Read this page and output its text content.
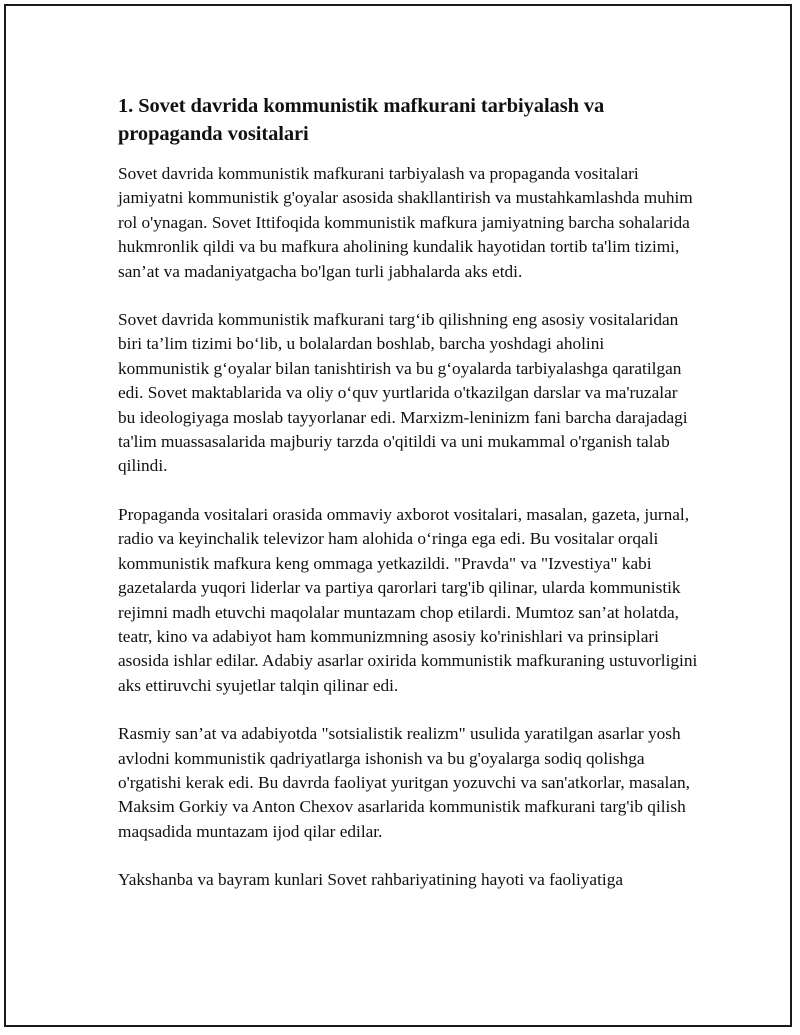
1. Sovet davrida kommunistik mafkurani tarbiyalash va propaganda vositalari

Sovet davrida kommunistik mafkurani tarbiyalash va propaganda vositalari jamiyatni kommunistik g'oyalar asosida shakllantirish va mustahkamlashda muhim rol o'ynagan. Sovet Ittifoqida kommunistik mafkura jamiyatning barcha sohalarida hukmronlik qildi va bu mafkura aholining kundalik hayotidan tortib ta'lim tizimi, san’at va madaniyatgacha bo'lgan turli jabhalarda aks etdi.

Sovet davrida kommunistik mafkurani targ‘ib qilishning eng asosiy vositalaridan biri ta’lim tizimi bo‘lib, u bolalardan boshlab, barcha yoshdagi aholini kommunistik g‘oyalar bilan tanishtirish va bu g‘oyalarda tarbiyalashga qaratilgan edi. Sovet maktablarida va oliy o‘quv yurtlarida o'tkazilgan darslar va ma'ruzalar bu ideologiyaga moslab tayyorlanar edi. Marxizm-leninizm fani barcha darajadagi ta'lim muassasalarida majburiy tarzda o'qitildi va uni mukammal o'rganish talab qilindi.

Propaganda vositalari orasida ommaviy axborot vositalari, masalan, gazeta, jurnal, radio va keyinchalik televizor ham alohida o‘ringa ega edi. Bu vositalar orqali kommunistik mafkura keng ommaga yetkazildi. "Pravda" va "Izvestiya" kabi gazetalarda yuqori liderlar va partiya qarorlari targ'ib qilinar, ularda kommunistik rejimni madh etuvchi maqolalar muntazam chop etilardi. Mumtoz san’at holatda, teatr, kino va adabiyot ham kommunizmning asosiy ko'rinishlari va prinsiplari asosida ishlar edilar. Adabiy asarlar oxirida kommunistik mafkuraning ustuvorligini aks ettiruvchi syujetlar talqin qilinar edi.

Rasmiy san’at va adabiyotda "sotsialistik realizm" usulida yaratilgan asarlar yosh avlodni kommunistik qadriyatlarga ishonish va bu g'oyalarga sodiq qolishga o'rgatishi kerak edi. Bu davrda faoliyat yuritgan yozuvchi va san'atkorlar, masalan, Maksim Gorkiy va Anton Chexov asarlarida kommunistik mafkurani targ'ib qilish maqsadida muntazam ijod qilar edilar.

Yakshanba va bayram kunlari Sovet rahbariyatining hayoti va faoliyatiga
